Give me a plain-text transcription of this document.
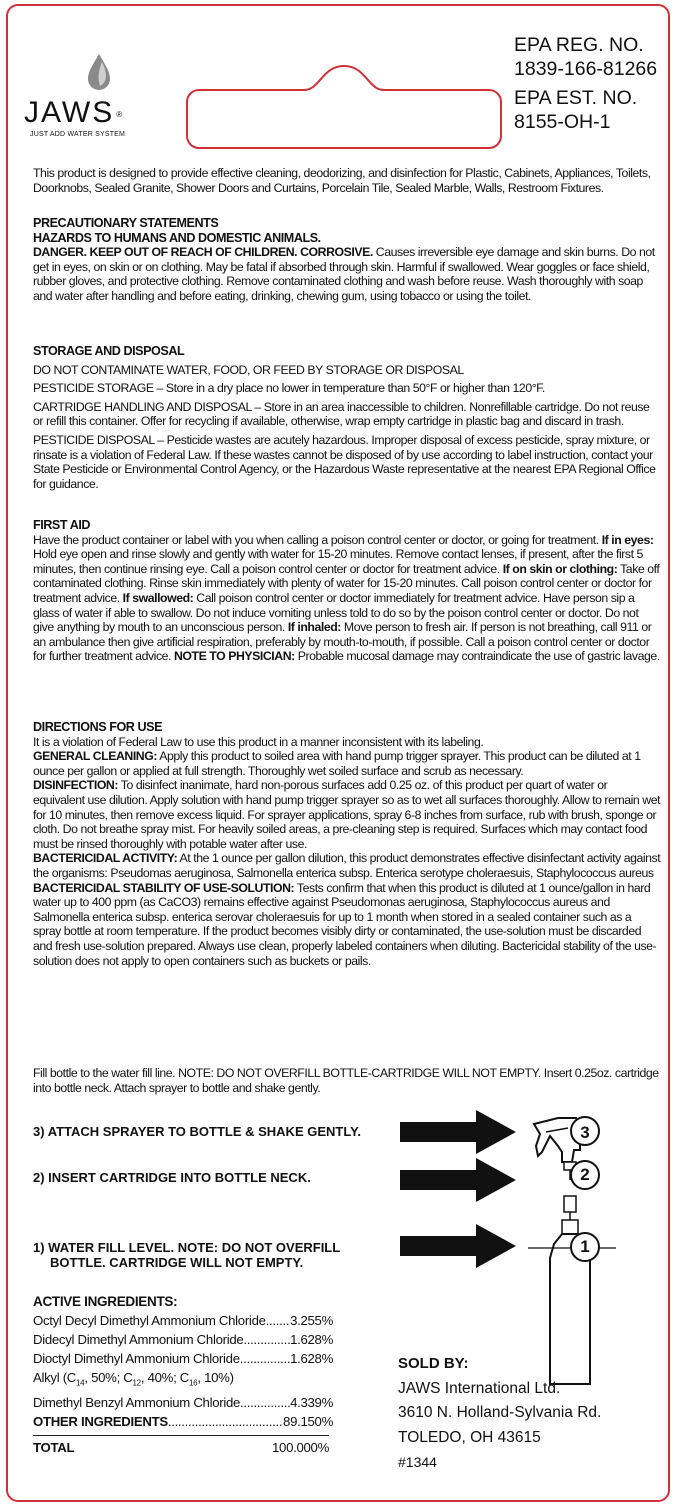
JAWS ®
JUST ADD WATER SYSTEM
EPA REG. NO.
1839-166-81266
EPA EST. NO.
8155-OH-1

This product is designed to provide effective cleaning, deodorizing, and disinfection for Plastic, Cabinets, Appliances, Toilets, Doorknobs, Sealed Granite, Shower Doors and Curtains, Porcelain Tile, Sealed Marble, Walls, Restroom Fixtures.

PRECAUTIONARY STATEMENTS

HAZARDS TO HUMANS AND DOMESTIC ANIMALS.

DANGER. KEEP OUT OF REACH OF CHILDREN. CORROSIVE. Causes irreversible eye damage and skin burns. Do not get in eyes, on skin or on clothing. May be fatal if absorbed through skin. Harmful if swallowed. Wear goggles or face shield, rubber gloves, and protective clothing. Remove contaminated clothing and wash before reuse. Wash thoroughly with soap and water after handling and before eating, drinking, chewing gum, using tobacco or using the toilet.

STORAGE AND DISPOSAL

DO NOT CONTAMINATE WATER, FOOD, OR FEED BY STORAGE OR DISPOSAL

PESTICIDE STORAGE – Store in a dry place no lower in temperature than 50°F or higher than 120°F.

CARTRIDGE HANDLING AND DISPOSAL – Store in an area inaccessible to children. Nonrefillable cartridge. Do not reuse or refill this container. Offer for recycling if available, otherwise, wrap empty cartridge in plastic bag and discard in trash.

PESTICIDE DISPOSAL – Pesticide wastes are acutely hazardous. Improper disposal of excess pesticide, spray mixture, or rinsate is a violation of Federal Law. If these wastes cannot be disposed of by use according to label instruction, contact your State Pesticide or Environmental Control Agency, or the Hazardous Waste representative at the nearest EPA Regional Office for guidance.

FIRST AID

Have the product container or label with you when calling a poison control center or doctor, or going for treatment. If in eyes: Hold eye open and rinse slowly and gently with water for 15-20 minutes. Remove contact lenses, if present, after the first 5 minutes, then continue rinsing eye. Call a poison control center or doctor for treatment advice. If on skin or clothing: Take off contaminated clothing. Rinse skin immediately with plenty of water for 15-20 minutes. Call poison control center or doctor for treatment advice. If swallowed: Call poison control center or doctor immediately for treatment advice. Have person sip a glass of water if able to swallow. Do not induce vomiting unless told to do so by the poison control center or doctor. Do not give anything by mouth to an unconscious person. If inhaled: Move person to fresh air. If person is not breathing, call 911 or an ambulance then give artificial respiration, preferably by mouth-to-mouth, if possible. Call a poison control center or doctor for further treatment advice. NOTE TO PHYSICIAN: Probable mucosal damage may contraindicate the use of gastric lavage.

DIRECTIONS FOR USE

It is a violation of Federal Law to use this product in a manner inconsistent with its labeling.

GENERAL CLEANING: Apply this product to soiled area with hand pump trigger sprayer. This product can be diluted at 1 ounce per gallon or applied at full strength. Thoroughly wet soiled surface and scrub as necessary.

DISINFECTION: To disinfect inanimate, hard non-porous surfaces add 0.25 oz. of this product per quart of water or equivalent use dilution. Apply solution with hand pump trigger sprayer so as to wet all surfaces thoroughly. Allow to remain wet for 10 minutes, then remove excess liquid. For sprayer applications, spray 6-8 inches from surface, rub with brush, sponge or cloth. Do not breathe spray mist. For heavily soiled areas, a pre-cleaning step is required. Surfaces which may contact food must be rinsed thoroughly with potable water after use.

BACTERICIDAL ACTIVITY: At the 1 ounce per gallon dilution, this product demonstrates effective disinfectant activity against the organisms: Pseudomas aeruginosa, Salmonella enterica subsp. Enterica serotype choleraesuis, Staphylococcus aureus

BACTERICIDAL STABILITY OF USE-SOLUTION: Tests confirm that when this product is diluted at 1 ounce/gallon in hard water up to 400 ppm (as CaCO3) remains effective against Pseudomonas aeruginosa, Staphylococcus aureus and Salmonella enterica subsp. enterica serovar choleraesuis for up to 1 month when stored in a sealed container such as a spray bottle at room temperature. If the product becomes visibly dirty or contaminated, the use-solution must be discarded and fresh use-solution prepared. Always use clean, properly labeled containers when diluting. Bactericidal stability of the use-solution does not apply to open containers such as buckets or pails.

Fill bottle to the water fill line. NOTE: DO NOT OVERFILL BOTTLE-CARTRIDGE WILL NOT EMPTY. Insert 0.25oz. cartridge into bottle neck. Attach sprayer to bottle and shake gently.

3) ATTACH SPRAYER TO BOTTLE & SHAKE GENTLY.
2) INSERT CARTRIDGE INTO BOTTLE NECK.
1) WATER FILL LEVEL. NOTE: DO NOT OVERFILL
BOTTLE. CARTRIDGE WILL NOT EMPTY.
3
2
1
ACTIVE INGREDIENTS:
Octyl Decyl Dimethyl Ammonium Chloride ..... 3.255%
Didecyl Dimethyl Ammonium Chloride .....	1.628%
Dioctyl Dimethyl Ammonium Chloride .....	1.628%
Alkyl ($C_{14}$, 50%; $C_{12}$, 40%; $C_{16}$, 10%)
Dimethyl Benzyl Ammonium Chloride .....	4.339%
OTHER INGREDIENTS .....	89.150%
TOTAL	100.000%
SOLD BY:
JAWS International Ltd.
3610 N. Holland-Sylvania Rd.
TOLEDO, OH 43615
#1344
